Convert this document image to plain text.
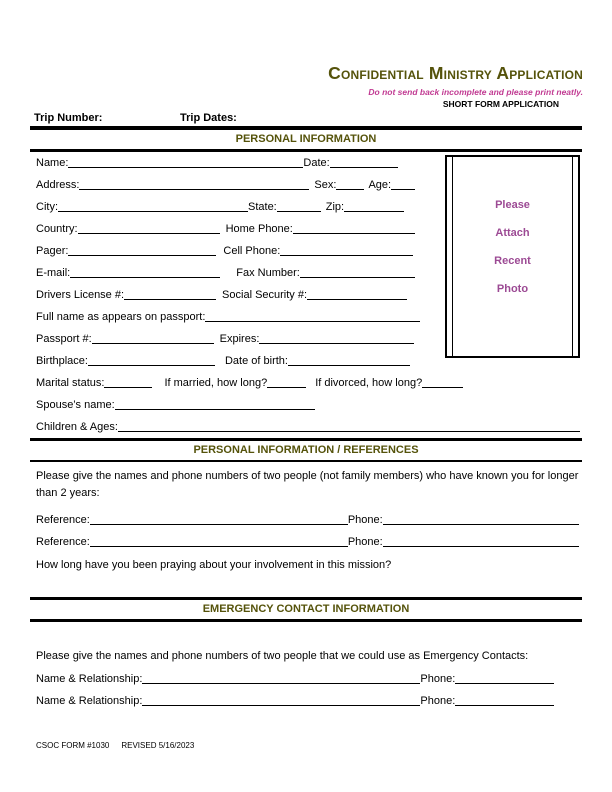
Confidential Ministry Application
Do not send back incomplete and please print neatly.
SHORT FORM APPLICATION
Trip Number:	Trip Dates:
PERSONAL INFORMATION
Please
Attach
Recent
Photo
Name:	Date:
Address:	Sex:	Age:
City:	State:	Zip:
Country:	Home Phone:
Pager:	Cell Phone:
E-mail:	Fax Number:
Drivers License #:	Social Security #:
Full name as appears on passport:
Passport #:	Expires:
Birthplace:	Date of birth:
Marital status:	If married, how long?	If divorced, how long?
Spouse’s name:
Children & Ages:
PERSONAL INFORMATION / REFERENCES
Please give the names and phone numbers of two people (not family members) who have known you for longer than 2 years:
Reference:	Phone:
Reference:	Phone:
How long have you been praying about your involvement in this mission?
EMERGENCY CONTACT INFORMATION
Please give the names and phone numbers of two people that we could use as Emergency Contacts:
Name & Relationship:	Phone:
Name & Relationship:	Phone:
CSOC FORM #1030 REVISED 5/16/2023
